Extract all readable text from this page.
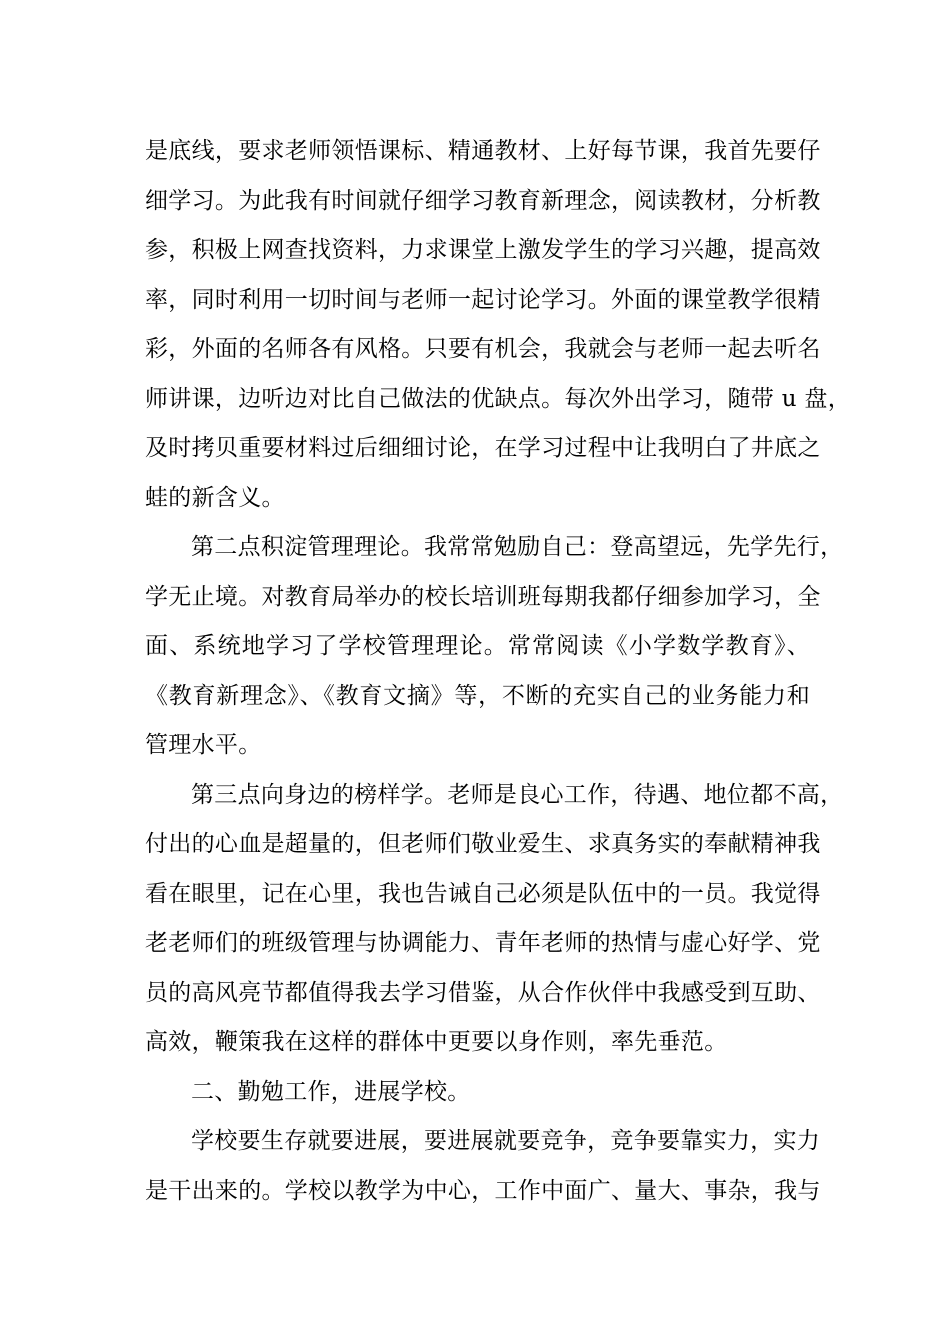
是底线，要求老师领悟课标、精通教材、上好每节课，我首先要仔
细学习。为此我有时间就仔细学习教育新理念，阅读教材，分析教
参，积极上网查找资料，力求课堂上激发学生的学习兴趣，提高效
率，同时利用一切时间与老师一起讨论学习。外面的课堂教学很精
彩，外面的名师各有风格。只要有机会，我就会与老师一起去听名
师讲课，边听边对比自己做法的优缺点。每次外出学习，随带 u 盘，
及时拷贝重要材料过后细细讨论，在学习过程中让我明白了井底之
蛙的新含义。
第二点积淀管理理论。我常常勉励自己：登高望远，先学先行，
学无止境。对教育局举办的校长培训班每期我都仔细参加学习，全
面、系统地学习了学校管理理论。常常阅读《小学数学教育》、
《教育新理念》、《教育文摘》等，不断的充实自己的业务能力和
管理水平。
第三点向身边的榜样学。老师是良心工作，待遇、地位都不高，
付出的心血是超量的，但老师们敬业爱生、求真务实的奉献精神我
看在眼里，记在心里，我也告诫自己必须是队伍中的一员。我觉得
老老师们的班级管理与协调能力、青年老师的热情与虚心好学、党
员的高风亮节都值得我去学习借鉴，从合作伙伴中我感受到互助、
高效，鞭策我在这样的群体中更要以身作则，率先垂范。
二、勤勉工作，进展学校。
学校要生存就要进展，要进展就要竞争，竞争要靠实力，实力
是干出来的。学校以教学为中心，工作中面广、量大、事杂，我与
